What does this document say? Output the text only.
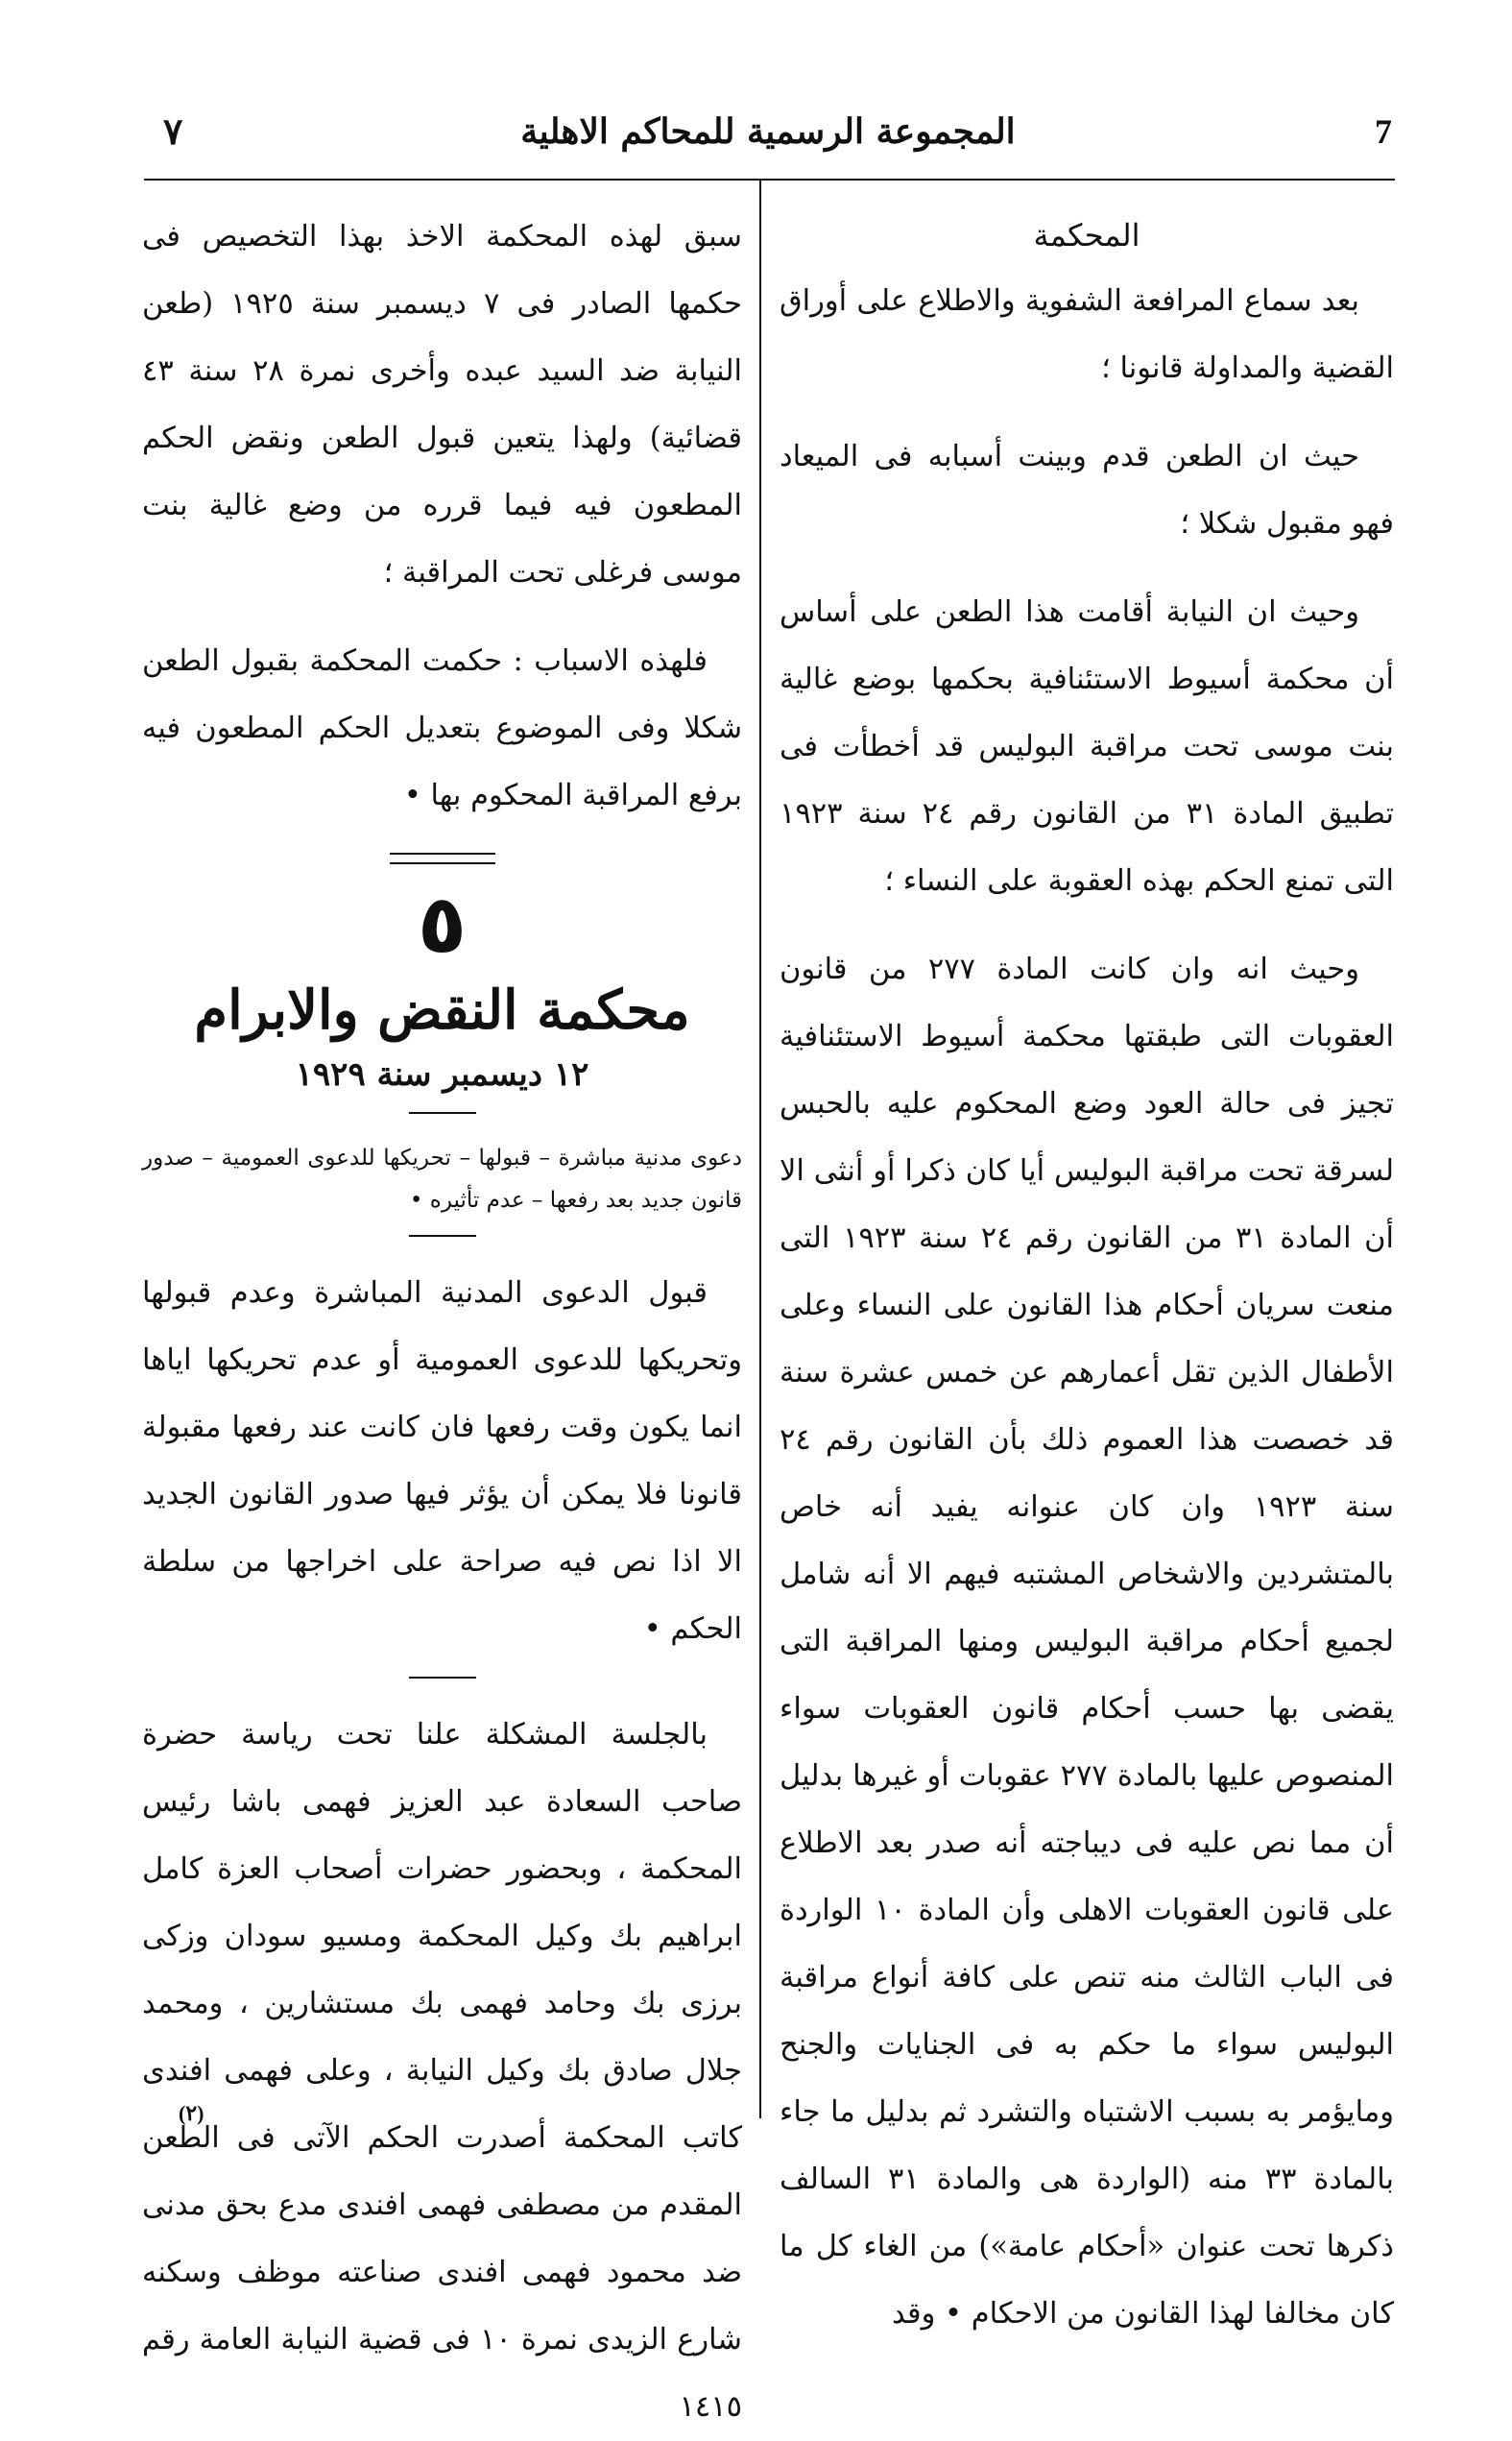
٧	المجموعة الرسمية للمحاكم الاهلية	7
المحكمة

بعد سماع المرافعة الشفوية والاطلاع على أوراق القضية والمداولة قانونا ؛

حيث ان الطعن قدم وبينت أسبابه فى الميعاد فهو مقبول شكلا ؛

وحيث ان النيابة أقامت هذا الطعن على أساس أن محكمة أسيوط الاستئنافية بحكمها بوضع غالية بنت موسى تحت مراقبة البوليس قد أخطأت فى تطبيق المادة ٣١ من القانون رقم ٢٤ سنة ١٩٢٣ التى تمنع الحكم بهذه العقوبة على النساء ؛

وحيث انه وان كانت المادة ٢٧٧ من قانون العقوبات التى طبقتها محكمة أسيوط الاستئنافية تجيز فى حالة العود وضع المحكوم عليه بالحبس لسرقة تحت مراقبة البوليس أيا كان ذكرا أو أنثى الا أن المادة ٣١ من القانون رقم ٢٤ سنة ١٩٢٣ التى منعت سريان أحكام هذا القانون على النساء وعلى الأطفال الذين تقل أعمارهم عن خمس عشرة سنة قد خصصت هذا العموم ذلك بأن القانون رقم ٢٤ سنة ١٩٢٣ وان كان عنوانه يفيد أنه خاص بالمتشردين والاشخاص المشتبه فيهم الا أنه شامل لجميع أحكام مراقبة البوليس ومنها المراقبة التى يقضى بها حسب أحكام قانون العقوبات سواء المنصوص عليها بالمادة ٢٧٧ عقوبات أو غيرها بدليل أن مما نص عليه فى ديباجته أنه صدر بعد الاطلاع على قانون العقوبات الاهلى وأن المادة ١٠ الواردة فى الباب الثالث منه تنص على كافة أنواع مراقبة البوليس سواء ما حكم به فى الجنايات والجنح ومايؤمر به بسبب الاشتباه والتشرد ثم بدليل ما جاء بالمادة ٣٣ منه (الواردة هى والمادة ٣١ السالف ذكرها تحت عنوان «أحكام عامة») من الغاء كل ما كان مخالفا لهذا القانون من الاحكام • وقد

سبق لهذه المحكمة الاخذ بهذا التخصيص فى حكمها الصادر فى ٧ ديسمبر سنة ١٩٢٥ (طعن النيابة ضد السيد عبده وأخرى نمرة ٢٨ سنة ٤٣ قضائية) ولهذا يتعين قبول الطعن ونقض الحكم المطعون فيه فيما قرره من وضع غالية بنت موسى فرغلى تحت المراقبة ؛

فلهذه الاسباب : حكمت المحكمة بقبول الطعن شكلا وفى الموضوع بتعديل الحكم المطعون فيه برفع المراقبة المحكوم بها •

٥
محكمة النقض والابرام
١٢ ديسمبر سنة ١٩٢٩

دعوى مدنية مباشرة – قبولها – تحريكها للدعوى العمومية – صدور قانون جديد بعد رفعها – عدم تأثيره •

قبول الدعوى المدنية المباشرة وعدم قبولها وتحريكها للدعوى العمومية أو عدم تحريكها اياها انما يكون وقت رفعها فان كانت عند رفعها مقبولة قانونا فلا يمكن أن يؤثر فيها صدور القانون الجديد الا اذا نص فيه صراحة على اخراجها من سلطة الحكم •

بالجلسة المشكلة علنا تحت رياسة حضرة صاحب السعادة عبد العزيز فهمى باشا رئيس المحكمة ، وبحضور حضرات أصحاب العزة كامل ابراهيم بك وكيل المحكمة ومسيو سودان وزكى برزى بك وحامد فهمى بك مستشارين ، ومحمد جلال صادق بك وكيل النيابة ، وعلى فهمى افندى كاتب المحكمة أصدرت الحكم الآتى فى الطعن المقدم من مصطفى فهمى افندى مدع بحق مدنى ضد محمود فهمى افندى صناعته موظف وسكنه شارع الزيدى نمرة ١٠ فى قضية النيابة العامة رقم ١٤١٥

(٢)
